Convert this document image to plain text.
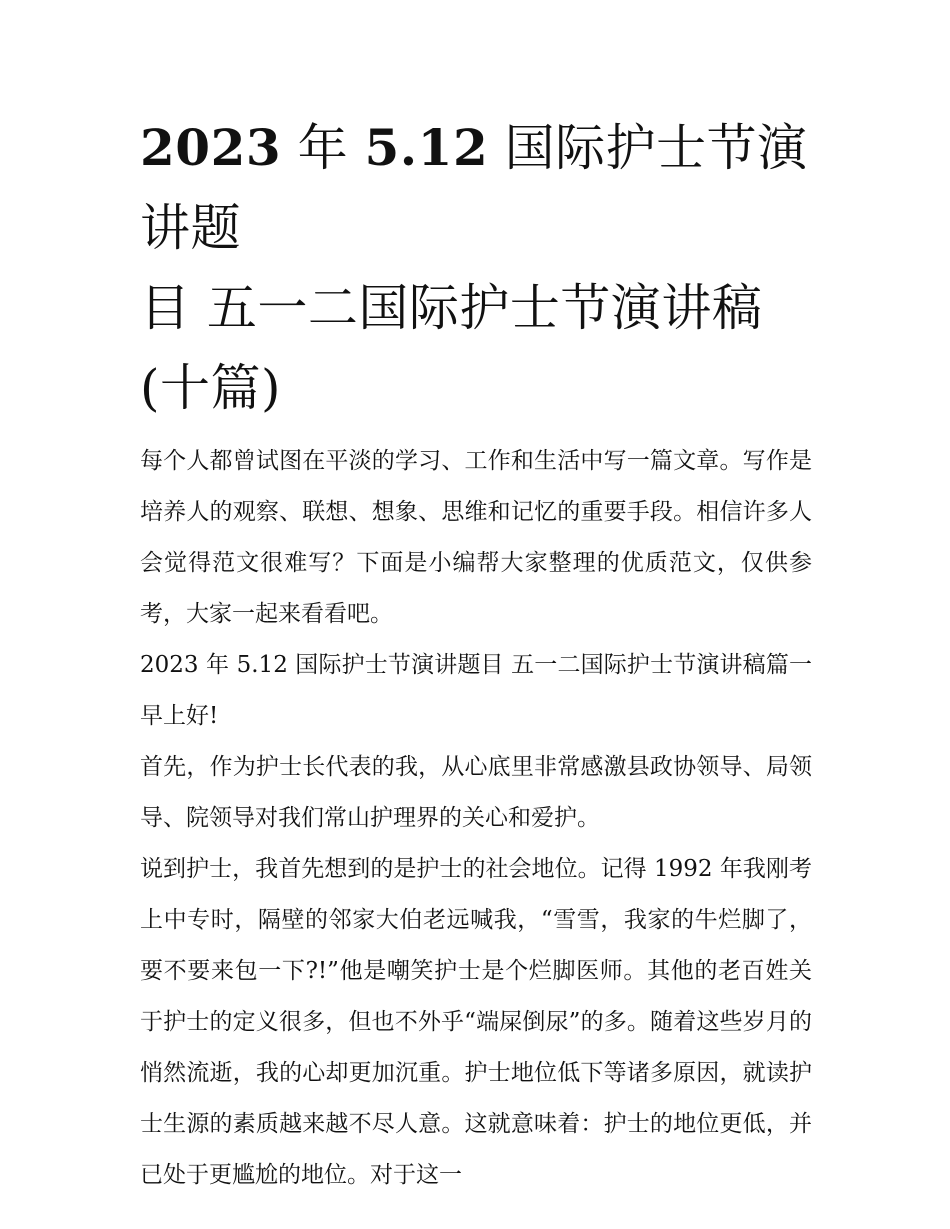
2023 年 5.12 国际护士节演讲题
目 五一二国际护士节演讲稿
(十篇)

每个人都曾试图在平淡的学习、工作和生活中写一篇文章。写作是培养人的观察、联想、想象、思维和记忆的重要手段。相信许多人会觉得范文很难写？下面是小编帮大家整理的优质范文，仅供参考，大家一起来看看吧。

2023 年 5.12 国际护士节演讲题目 五一二国际护士节演讲稿篇一 早上好!

首先，作为护士长代表的我，从心底里非常感激县政协领导、局领导、院领导对我们常山护理界的关心和爱护。

说到护士，我首先想到的是护士的社会地位。记得 1992 年我刚考上中专时，隔壁的邻家大伯老远喊我，“雪雪，我家的牛烂脚了，要不要来包一下?!”他是嘲笑护士是个烂脚医师。其他的老百姓关于护士的定义很多，但也不外乎“端屎倒尿”的多。随着这些岁月的悄然流逝，我的心却更加沉重。护士地位低下等诸多原因，就读护士生源的素质越来越不尽人意。这就意味着：护士的地位更低，并已处于更尴尬的地位。对于这一
